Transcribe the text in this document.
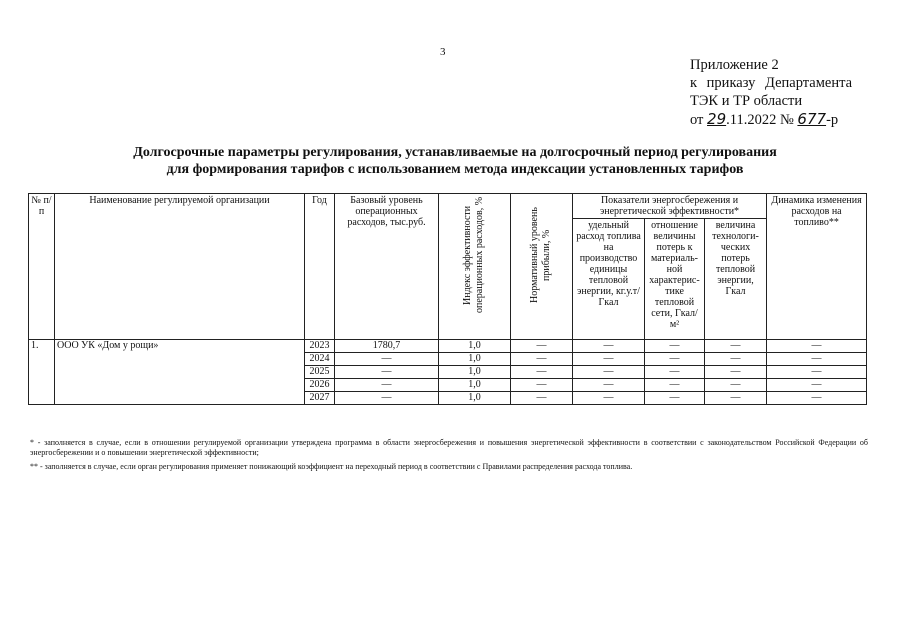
3
Приложение 2
к приказу Департамента
ТЭК и ТР области
от 29.11.2022 № 677-р
Долгосрочные параметры регулирования, устанавливаемые на долгосрочный период регулирования
для формирования тарифов с использованием метода индексации установленных тарифов
№ п/п	Наименование регулируемой организации	Год	Базовый уровень операционных расходов, тыс.руб.	Индекс эффективности операционных расходов, %	Нормативный уровень прибыли, %	Показатели энергосбережения и энергетической эффективности*			Динамика изменения расходов на топливо**
						удельный расход топлива на производство единицы тепловой энергии, кг.у.т/Гкал	отношение величины потерь к материаль-ной характерис-тике тепловой сети, Гкал/м²	величина технологи-ческих потерь тепловой энергии, Гкал	
1.	ООО УК «Дом у рощи»	2023	1780,7	1,0	—	—	—	—	—
		2024	—	1,0	—	—	—	—	—
		2025	—	1,0	—	—	—	—	—
		2026	—	1,0	—	—	—	—	—
		2027	—	1,0	—	—	—	—	—
* - заполняется в случае, если в отношении регулируемой организации утверждена программа в области энергосбережения и повышения энергетической эффективности в соответствии с законодательством Российской Федерации об энергосбережении и о повышении энергетической эффективности;
** - заполняется в случае, если орган регулирования применяет понижающий коэффициент на переходный период в соответствии с Правилами распределения расхода топлива.
